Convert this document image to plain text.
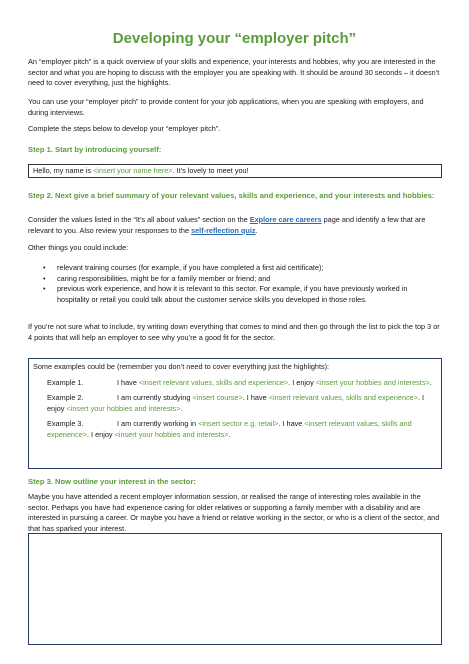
Developing your “employer pitch”

An “employer pitch” is a quick overview of your skills and experience, your interests and hobbies, why you are interested in the sector and what you are hoping to discuss with the employer you are speaking with. It should be around 30 seconds – it doesn’t need to cover everything, just the highlights.

You can use your “employer pitch” to provide content for your job applications, when you are speaking with employers, and during interviews.

Complete the steps below to develop your “employer pitch”.

Step 1. Start by introducing yourself:
Hello, my name is <insert your name here>. It’s lovely to meet you!
Step 2. Next give a brief summary of your relevant values, skills and experience, and your interests and hobbies:

Consider the values listed in the “It’s all about values” section on the Explore care careers page and identify a few that are relevant to you. Also review your responses to the self-reflection quiz.

Other things you could include:

• relevant training courses (for example, if you have completed a first aid certificate);
• caring responsibilities, might be for a family member or friend; and
• previous work experience, and how it is relevant to this sector. For example, if you have previously worked in hospitality or retail you could talk about the customer service skills you developed in those roles.

If you’re not sure what to include, try writing down everything that comes to mind and then go through the list to pick the top 3 or 4 points that will help an employer to see why you’re a good fit for the sector.

Some examples could be (remember you don’t need to cover everything just the highlights):
Example 1.	I have <insert relevant values, skills and experience>. I enjoy <insert your hobbies and interests>.
Example 2.	I am currently studying <insert course>. I have <insert relevant values, skills and experience>. I enjoy <insert your hobbies and interests>.
Example 3.	I am currently working in <insert sector e.g. retail>. I have <insert relevant values, skills and experience>. I enjoy <insert your hobbies and interests>.
Step 3. Now outline your interest in the sector:

Maybe you have attended a recent employer information session, or realised the range of interesting roles available in the sector. Perhaps you have had experience caring for older relatives or supporting a family member with a disability and are interested in pursuing a career. Or maybe you have a friend or relative working in the sector, or who is a client of the sector, and that has sparked your interest.
